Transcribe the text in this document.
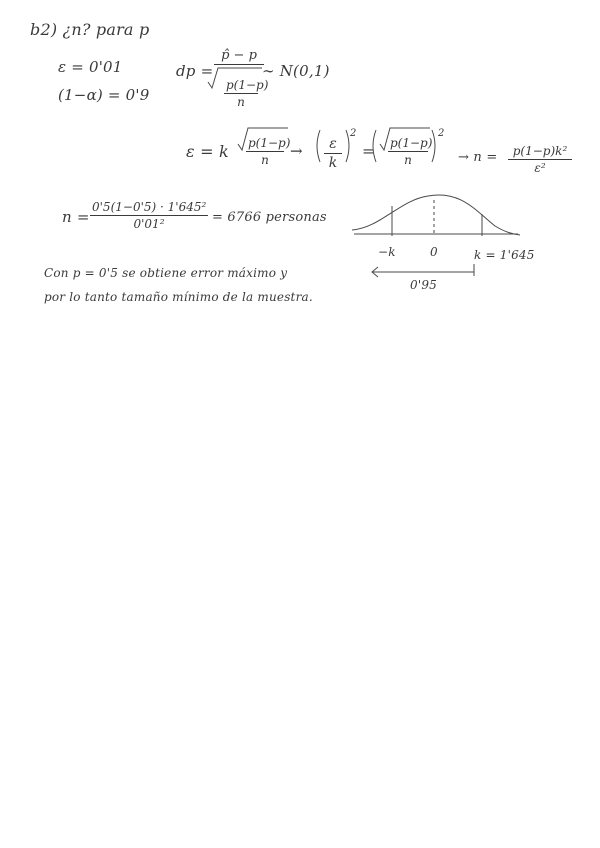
b2) ¿n? para p
ε = 0'01
(1−α) = 0'9
dp =
p̂ − p
$\frac{p(1-p)}{n}$
∼ N(0,1)
ε = k $\frac{p(1-p)}{n} \to \frac{\varepsilon}{k}$
2
= $\frac{p(1-p)}{n}$
2
→ $n = \frac{\text{p(1−p)k²}}{\text{ε²}}$
$n = \frac{\text{0'5(1−0'5) · 1'645²}}{\text{0'01²}} = 6766$ personas
−k	0	k = 1'645
0'95
Con p = 0'5 se obtiene error máximo y
por lo tanto tamaño mínimo de la muestra.
